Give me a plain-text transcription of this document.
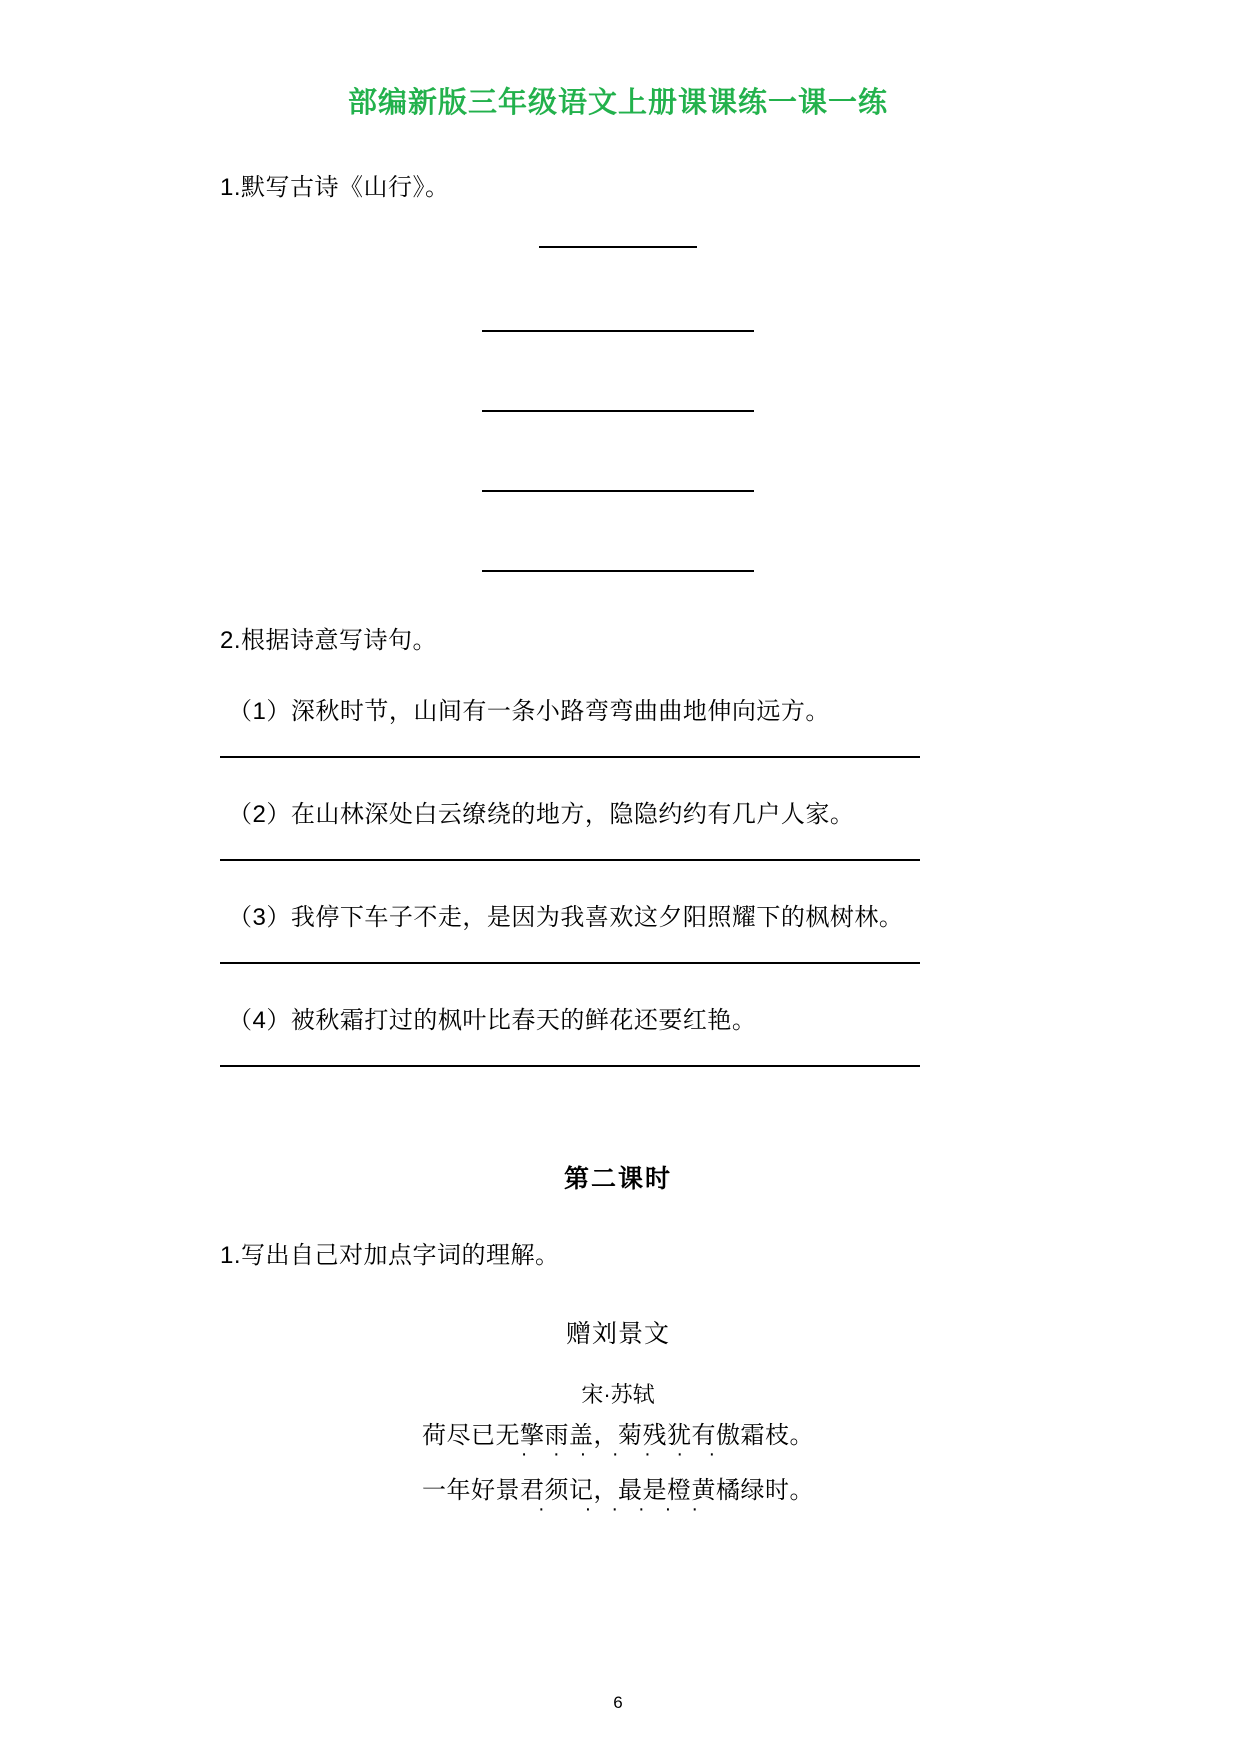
部编新版三年级语文上册课课练一课一练
1.默写古诗《山行》。
2.根据诗意写诗句。
（1）深秋时节，山间有一条小路弯弯曲曲地伸向远方。
（2）在山林深处白云缭绕的地方，隐隐约约有几户人家。
（3）我停下车子不走，是因为我喜欢这夕阳照耀下的枫树林。
（4）被秋霜打过的枫叶比春天的鲜花还要红艳。
第二课时
1.写出自己对加点字词的理解。
赠刘景文
宋·苏轼
荷尽已无擎雨盖，菊残犹有傲霜枝。
·　 ·　·　 ·　 ·　 ·　 ·
一年好景君须记，最是橙黄橘绿时。
·　　·　·　·　·　·
6
